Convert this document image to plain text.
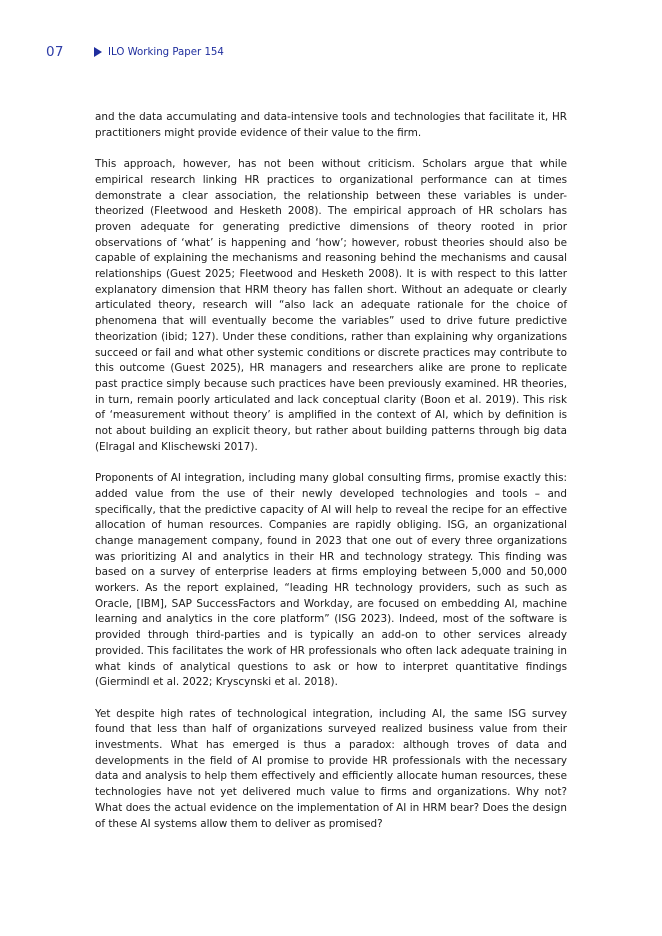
07	ILO Working Paper 154

and the data accumulating and data-intensive tools and technologies that facilitate it, HR practitioners might provide evidence of their value to the firm.

This approach, however, has not been without criticism. Scholars argue that while empirical research linking HR practices to organizational performance can at times demonstrate a clear association, the relationship between these variables is under-theorized (Fleetwood and Hesketh 2008). The empirical approach of HR scholars has proven adequate for generating predictive dimensions of theory rooted in prior observations of ‘what’ is happening and ‘how’; however, robust theories should also be capable of explaining the mechanisms and reasoning behind the mechanisms and causal relationships (Guest 2025; Fleetwood and Hesketh 2008). It is with respect to this latter explanatory dimension that HRM theory has fallen short. Without an adequate or clearly articulated theory, research will “also lack an adequate rationale for the choice of phenomena that will eventually become the variables” used to drive future predictive theorization (ibid; 127). Under these conditions, rather than explaining why organizations succeed or fail and what other systemic conditions or discrete practices may contribute to this outcome (Guest 2025), HR managers and researchers alike are prone to replicate past practice simply because such practices have been previously examined. HR theories, in turn, remain poorly articulated and lack conceptual clarity (Boon et al. 2019). This risk of ‘measurement without theory’ is amplified in the context of AI, which by definition is not about building an explicit theory, but rather about building patterns through big data (Elragal and Klischewski 2017).

Proponents of AI integration, including many global consulting firms, promise exactly this: added value from the use of their newly developed technologies and tools – and specifically, that the predictive capacity of AI will help to reveal the recipe for an effective allocation of human resources. Companies are rapidly obliging. ISG, an organizational change management company, found in 2023 that one out of every three organizations was prioritizing AI and analytics in their HR and technology strategy. This finding was based on a survey of enterprise leaders at firms employing between 5,000 and 50,000 workers. As the report explained, “leading HR technology providers, such as such as Oracle, [IBM], SAP SuccessFactors and Workday, are focused on embedding AI, machine learning and analytics in the core platform” (ISG 2023). Indeed, most of the software is provided through third-parties and is typically an add-on to other services already provided. This facilitates the work of HR professionals who often lack adequate training in what kinds of analytical questions to ask or how to interpret quantitative findings (Giermindl et al. 2022; Kryscynski et al. 2018).

Yet despite high rates of technological integration, including AI, the same ISG survey found that less than half of organizations surveyed realized business value from their investments. What has emerged is thus a paradox: although troves of data and developments in the field of AI promise to provide HR professionals with the necessary data and analysis to help them effectively and efficiently allocate human resources, these technologies have not yet delivered much value to firms and organizations. Why not? What does the actual evidence on the implementation of AI in HRM bear? Does the design of these AI systems allow them to deliver as promised?
